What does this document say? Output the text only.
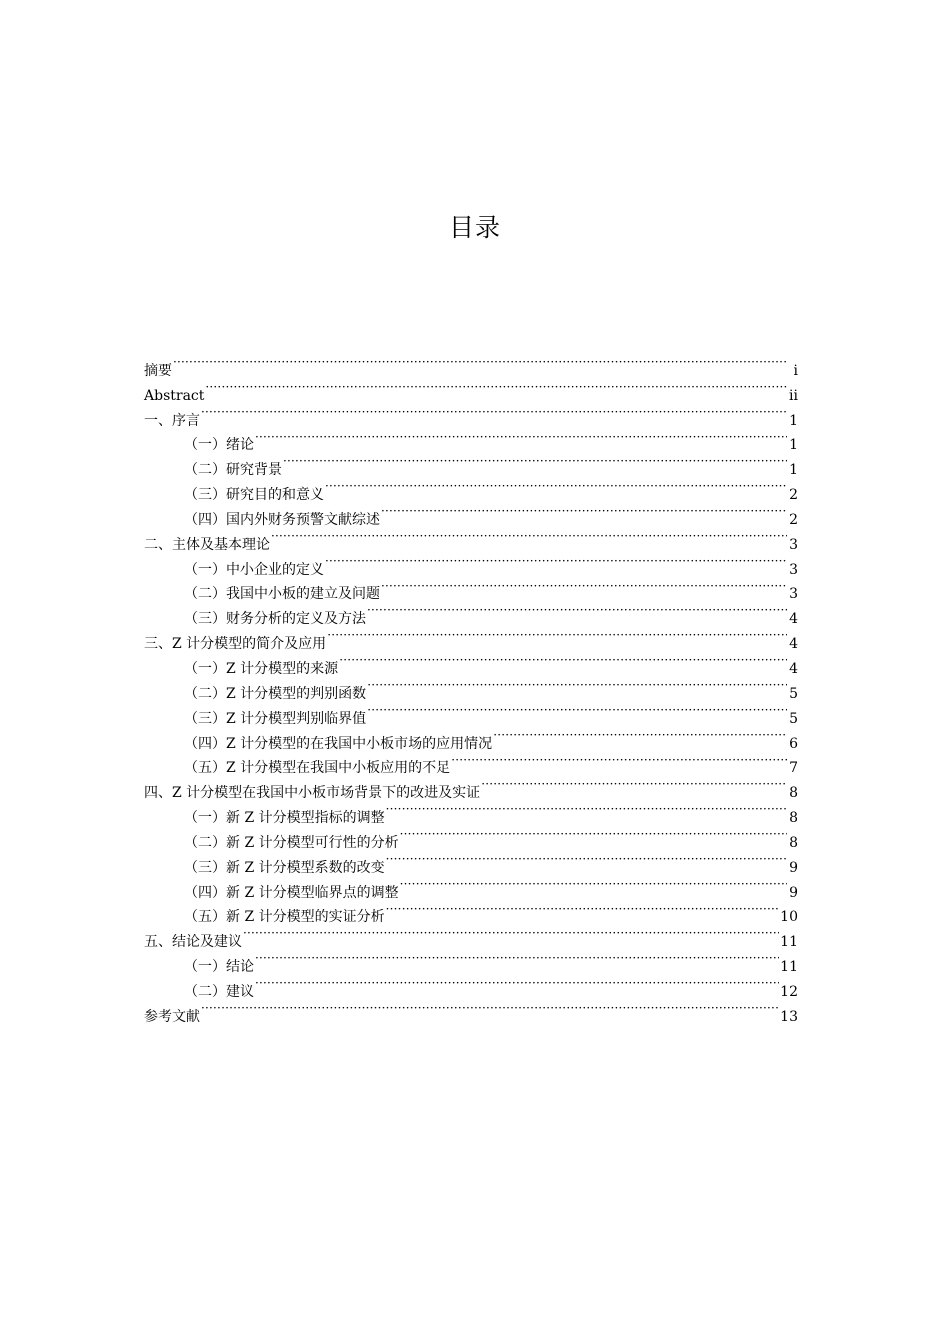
目录
摘要 ·····	i
Abstract ·····	ii
一、序言 ·····	1
（一）绪论 ·····	1
（二）研究背景 ·····	1
（三）研究目的和意义 ·····	2
（四）国内外财务预警文献综述 ·····	2
二、主体及基本理论 ·····	3
（一）中小企业的定义 ·····	3
（二）我国中小板的建立及问题 ·····	3
（三）财务分析的定义及方法 ·····	4
三、Z 计分模型的简介及应用 ·····	4
（一）Z 计分模型的来源 ·····	4
（二）Z 计分模型的判别函数 ·····	5
（三）Z 计分模型判别临界值 ·····	5
（四）Z 计分模型的在我国中小板市场的应用情况 ·····	6
（五）Z 计分模型在我国中小板应用的不足 ·····	7
四、Z 计分模型在我国中小板市场背景下的改进及实证 ·····	8
（一）新 Z 计分模型指标的调整 ·····	8
（二）新 Z 计分模型可行性的分析 ·····	8
（三）新 Z 计分模型系数的改变 ·····	9
（四）新 Z 计分模型临界点的调整 ·····	9
（五）新 Z 计分模型的实证分析 ·····	10
五、结论及建议 ·····	11
（一）结论 ·····	11
（二）建议 ·····	12
参考文献 ·····	13
